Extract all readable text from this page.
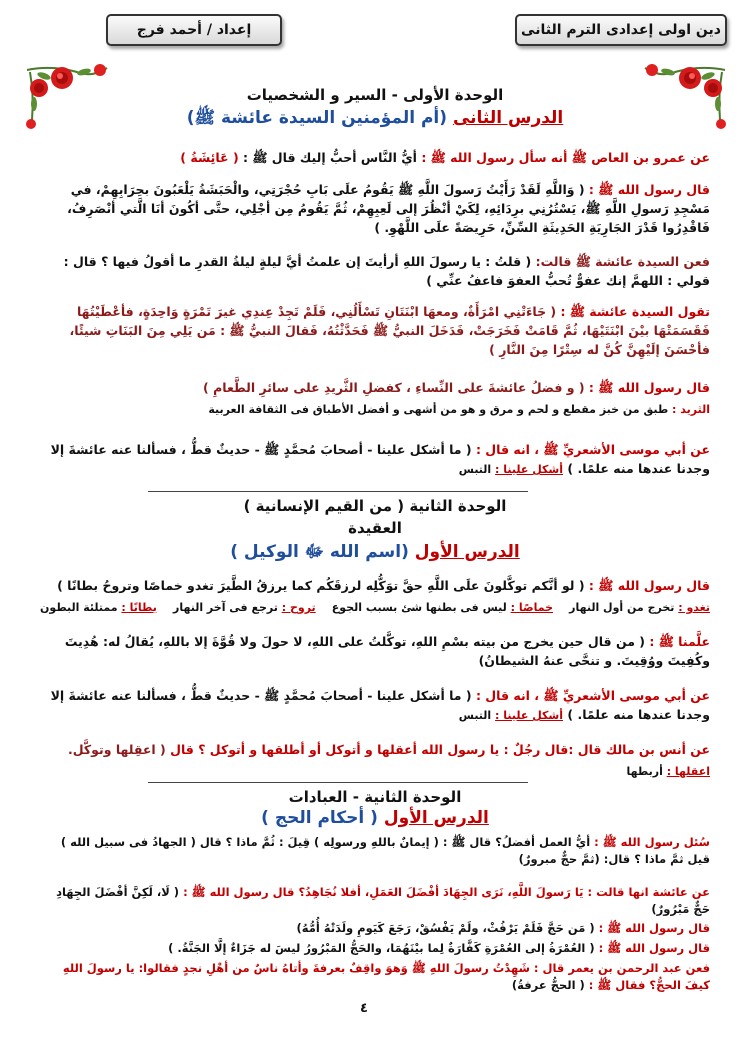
إعداد / أحمد فرج	دين اولى إعدادى الترم الثانى
الوحدة الأولى - السير و الشخصيات
الدرس الثانى (أم المؤمنين السيدة عائشة ﷺ)
عن عمرو بن العاص ﷺ أنه سأل رسول الله ﷺ : أيُّ النَّاس أحبُّ إليك قال ﷺ : ( عَائِشَةُ )
قال رسول الله ﷺ : ( وَاللَّهِ لَقَدْ رَأَيْتُ رَسولَ اللَّهِ ﷺ يَقُومُ علَى بَابِ حُجْرَتِي، والْحَبَشَةُ يَلْعَبُونَ بحِرَابِهِمْ، في مَسْجِدِ رَسولِ اللَّهِ ﷺ، يَسْتُرُنِي برِدَائِهِ، لِكَيْ أنْظُرَ إلى لَعِبِهِمْ، ثُمَّ يَقُومُ مِن أجْلِي، حتَّى أكُونَ أنَا الَّتي أنْصَرِفُ، فَاقْدِرُوا قَدْرَ الجَارِيَةِ الحَدِيثَةِ السِّنِّ، حَرِيصَةً علَى اللَّهْوِ. )
فعن السيدة عائشة ﷺ قالت: ( قلتُ : يا رسولَ اللهِ أرأيتَ إن علمتُ أيَّ ليلةٍ ليلةُ القدرِ ما أقولُ فيها ؟ قال : قولي : اللهمَّ إنك عفوٌّ تُحبُّ العفوَ فاعفُ عنِّي )
تقول السيدة عائشة ﷺ : ( جَاءَتْنِي امْرَأَةٌ، ومعهَا ابْنَتَانِ تَسْأَلُنِي، فَلَمْ تَجِدْ عِندِي غيرَ تَمْرَةٍ وَاحِدَةٍ، فأعْطَيْتُهَا فَقَسَمَتْهَا بيْنَ ابْنَتَيْهَا، ثُمَّ قَامَتْ فَخَرَجَتْ، فَدَخَلَ النبيُّ ﷺ فَحَدَّثْتُهُ، فَقالَ النبيُّ ﷺ : مَن يَلِي مِنَ البَنَاتِ شيئًا، فأحْسَنَ إلَيْهِنَّ كُنَّ له سِتْرًا مِنَ النَّارِ )
قال رسول الله ﷺ : ( و فضلُ عائشةَ على النِّساءِ ، كفضلِ الثَّريدِ على سائرِ الطَّعامِ )
الثريد : طبق من خبز مقطع و لحم و مرق و هو من أشهى و أفضل الأطباق فى الثقافة العربية
عن أبي موسى الأشعريِّ ﷺ ، انه قال : ( ما أشكل علينا - أصحابَ مُحمَّدٍ ﷺ - حديثٌ قطُّ ، فسألنا عنه عائشةَ إلا وجدنا عندها منه علمًا. ) أشكل علينا : التبس
الوحدة الثانية ( من القيم الإنسانية )
العقيدة
الدرس الأول (اسم الله ﷻ الوكيل )
قال رسول الله ﷺ : ( لو أنَّكم توكَّلونَ علَى اللَّهِ حقَّ توَكُّلِه لرزقَكُم كما يرزقُ الطَّيرَ تغدو خماصًا وتروحُ بطانًا )
تغدو : تخرج من أول النهار
خماصًا : ليس فى بطنها شئ بسبب الجوع
تروح : ترجع فى آخر النهار
بطانًا : ممتلئة البطون
علَّمنا ﷺ : ( من قال حين يخرج من بيته بسْمِ اللهِ، توكَّلتُ على اللهِ، لا حولَ ولا قُوَّةَ إلا باللهِ، يُقالُ له: هُدِيتَ وكُفِيتَ ووُقِيتَ. و تنحَّى عنهُ الشيطانُ)
عن أبي موسى الأشعريِّ ﷺ ، انه قال : ( ما أشكل علينا - أصحابَ مُحمَّدٍ ﷺ - حديثٌ قطُّ ، فسألنا عنه عائشةَ إلا وجدنا عندها منه علمًا. ) أشكل علينا : التبس
عن أنس بن مالك قال :قال رجُلٌ : يا رسول الله أعقلها و أتوكل أو أطلقها و أتوكل ؟ قال ( اعقِلها وتوكَّل.
اعقلها : أربطها
الوحدة الثانية - العبادات
الدرس الأول ( أحكام الحج )
سُئل رسول الله ﷺ : أيُّ العمل أفضلُ؟ قال ﷺ : ( إيمانٌ باللهِ ورسولِه ) قِيلَ : ثُمَّ ماذا ؟ قال ( الجهادُ فى سبيل الله ) قيل ثمَّ ماذا ؟ قال: (ثمَّ حجٌّ مبرورٌ)
عن عائشة انها قالت : يَا رَسولَ اللَّهِ، نَرَى الجِهَادَ أفْضَلَ العَمَلِ، أفلا نُجَاهِدُ؟ قال رسول الله ﷺ : ( لَا، لَكِنَّ أفْضَلَ الجِهَادِ حَجٌّ مَبْرُورٌ)
قال رسول الله ﷺ : ( مَن حَجَّ فَلَمْ يَرْفُثْ، ولَمْ يَفْسُقْ، رَجَعَ كَيَومِ ولَدَتْهُ أُمُّهُ)
قال رسول الله ﷺ : ( العُمْرَةُ إلى العُمْرَةِ كَفَّارَةٌ لِما بيْنَهُمَا، والحَجُّ المَبْرُورُ ليسَ له جَزَاءٌ إلَّا الجَنَّةُ. )
فعن عبد الرحمن بن يعمر قال : شَهِدْتُ رسولَ اللهِ ﷺ وَهوَ واقِفٌ بعرفةَ وأتاهُ ناسٌ من أهْلِ نجدٍ فقالوا: يا رسولَ اللهِ كيفَ الحجُّ؟ فقال ﷺ : ( الحجُّ عرفةُ)
٤
